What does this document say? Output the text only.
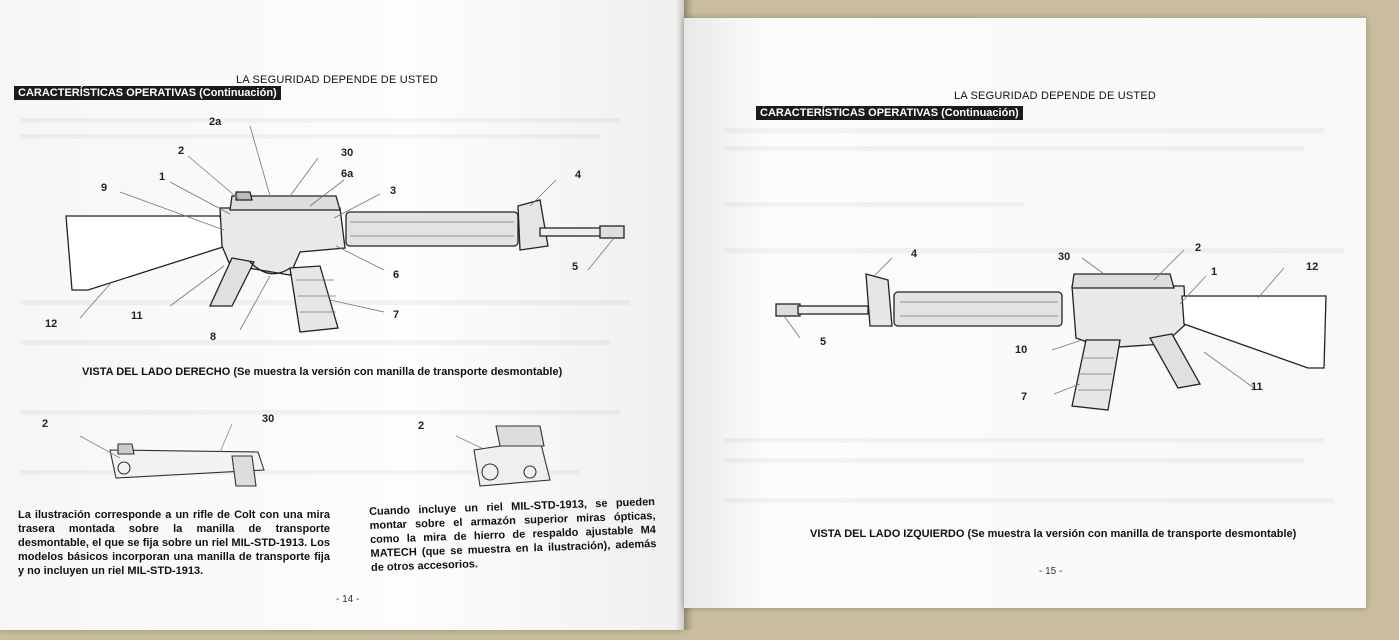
LA SEGURIDAD DEPENDE DE USTED
CARACTERÍSTICAS OPERATIVAS (Continuación)
2a
2	30
1	6a
9	3
4
6
5
7
12
11
8
VISTA DEL LADO DERECHO (Se muestra la versión con manilla de transporte desmontable)
2	30
2
La ilustración corresponde a un rifle de Colt con una mira trasera montada sobre la manilla de transporte desmontable, el que se fija sobre un riel MIL-STD-1913. Los modelos básicos incorporan una manilla de transporte fija y no incluyen un riel MIL-STD-1913.
Cuando incluye un riel MIL-STD-1913, se pueden montar sobre el armazón superior miras ópticas, como la mira de hierro de respaldo ajustable M4 MATECH (que se muestra en la ilustración), además de otros accesorios.
- 14 -
LA SEGURIDAD DEPENDE DE USTED
CARACTERÍSTICAS OPERATIVAS (Continuación)
4	30
2
12
1
5
10
11
7
VISTA DEL LADO IZQUIERDO (Se muestra la versión con manilla de transporte desmontable)
- 15 -
